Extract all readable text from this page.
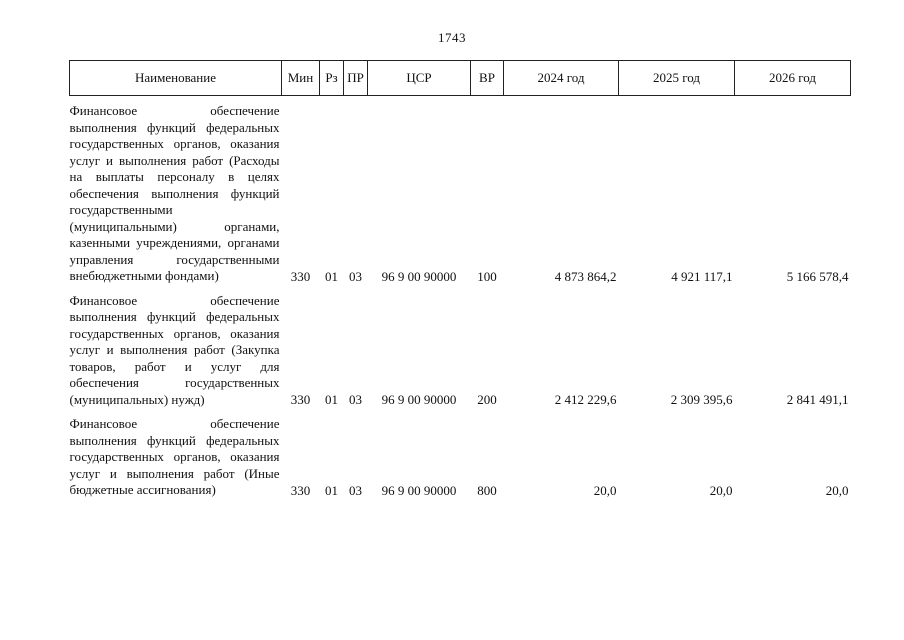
1743
Наименование	Мин	Рз	ПР	ЦСР	ВР	2024 год	2025 год	2026 год
Финансовое обеспечение выполнения функций федеральных государственных органов, оказания услуг и выполнения работ (Расходы на выплаты персоналу в целях обеспечения выполнения функций государственными (муниципальными) органами, казенными учреждениями, органами управления государственными внебюджетными фондами)	330	01	03	96 9 00 90000	100	4 873 864,2	4 921 117,1	5 166 578,4
Финансовое обеспечение выполнения функций федеральных государственных органов, оказания услуг и выполнения работ (Закупка товаров, работ и услуг для обеспечения государственных (муниципальных) нужд)	330	01	03	96 9 00 90000	200	2 412 229,6	2 309 395,6	2 841 491,1
Финансовое обеспечение выполнения функций федеральных государственных органов, оказания услуг и выполнения работ (Иные бюджетные ассигнования)	330	01	03	96 9 00 90000	800	20,0	20,0	20,0
